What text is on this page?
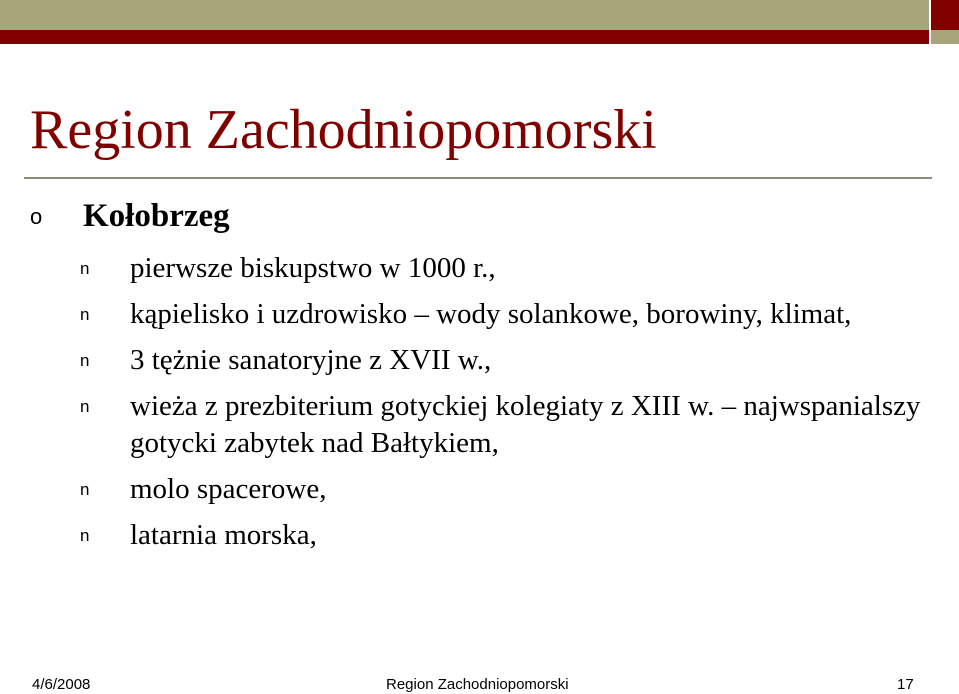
Region Zachodniopomorski
o Kołobrzeg
n pierwsze biskupstwo w 1000 r.,
n kąpielisko i uzdrowisko – wody solankowe, borowiny, klimat,
n 3 tężnie sanatoryjne z XVII w.,
n wieża z prezbiterium gotyckiej kolegiaty z XIII w. – najwspanialszy gotycki zabytek nad Bałtykiem,
n molo spacerowe,
n latarnia morska,
4/6/2008	Region Zachodniopomorski	17
